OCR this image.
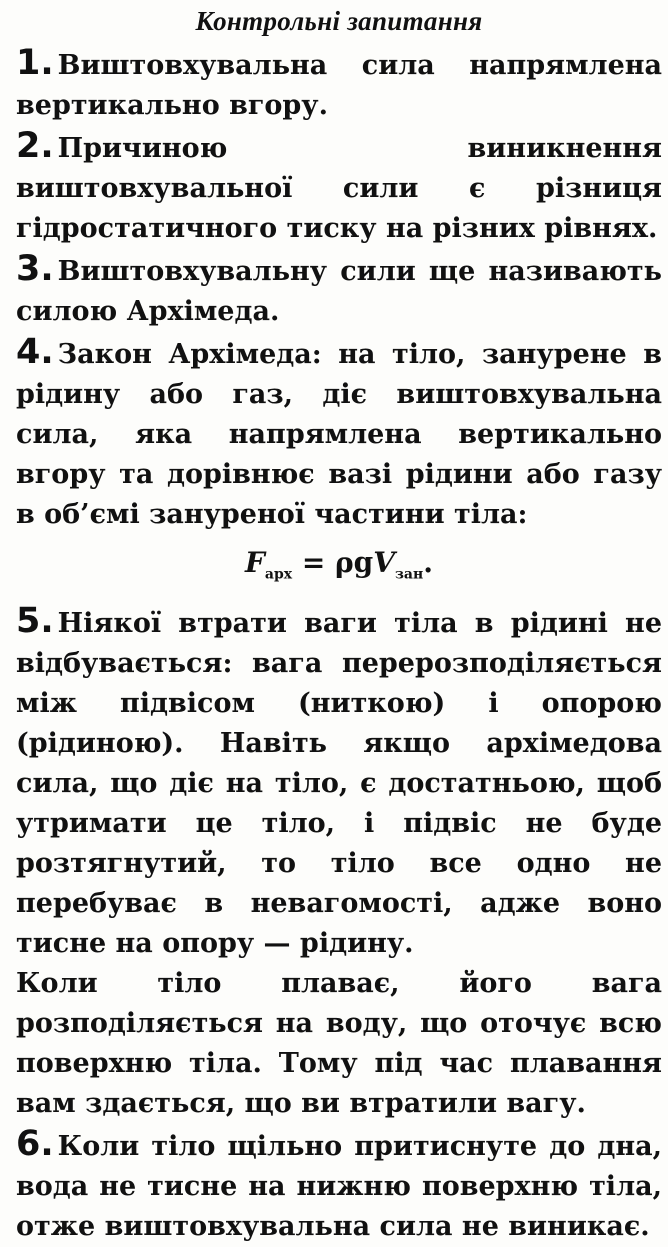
Контрольні запитання

1. Виштовхувальна сила напрямлена вертикально вгору.

2. Причиною виникнення виштовхувальної сили є різниця гідростатичного тиску на різних рівнях.

3. Виштовхувальну сили ще називають силою Архімеда.

4. Закон Архімеда: на тіло, занурене в рідину або газ, діє виштовхувальна сила, яка напрямлена вертикально вгору та дорівнює вазі рідини або газу в об’ємі зануреної частини тіла:

$F_{арх} = \rho gV_{зан}$.

5. Ніякої втрати ваги тіла в рідині не відбувається: вага перерозподіляється між підвісом (ниткою) і опорою (рідиною). Навіть якщо архімедова сила, що діє на тіло, є достатньою, щоб утримати це тіло, і підвіс не буде розтягнутий, то тіло все одно не перебуває в невагомості, адже воно тисне на опору — рідину.

Коли тіло плаває, його вага розподіляється на воду, що оточує всю поверхню тіла. Тому під час плавання вам здається, що ви втратили вагу.

6. Коли тіло щільно притиснуте до дна, вода не тисне на нижню поверхню тіла, отже виштовхувальна сила не виникає.
